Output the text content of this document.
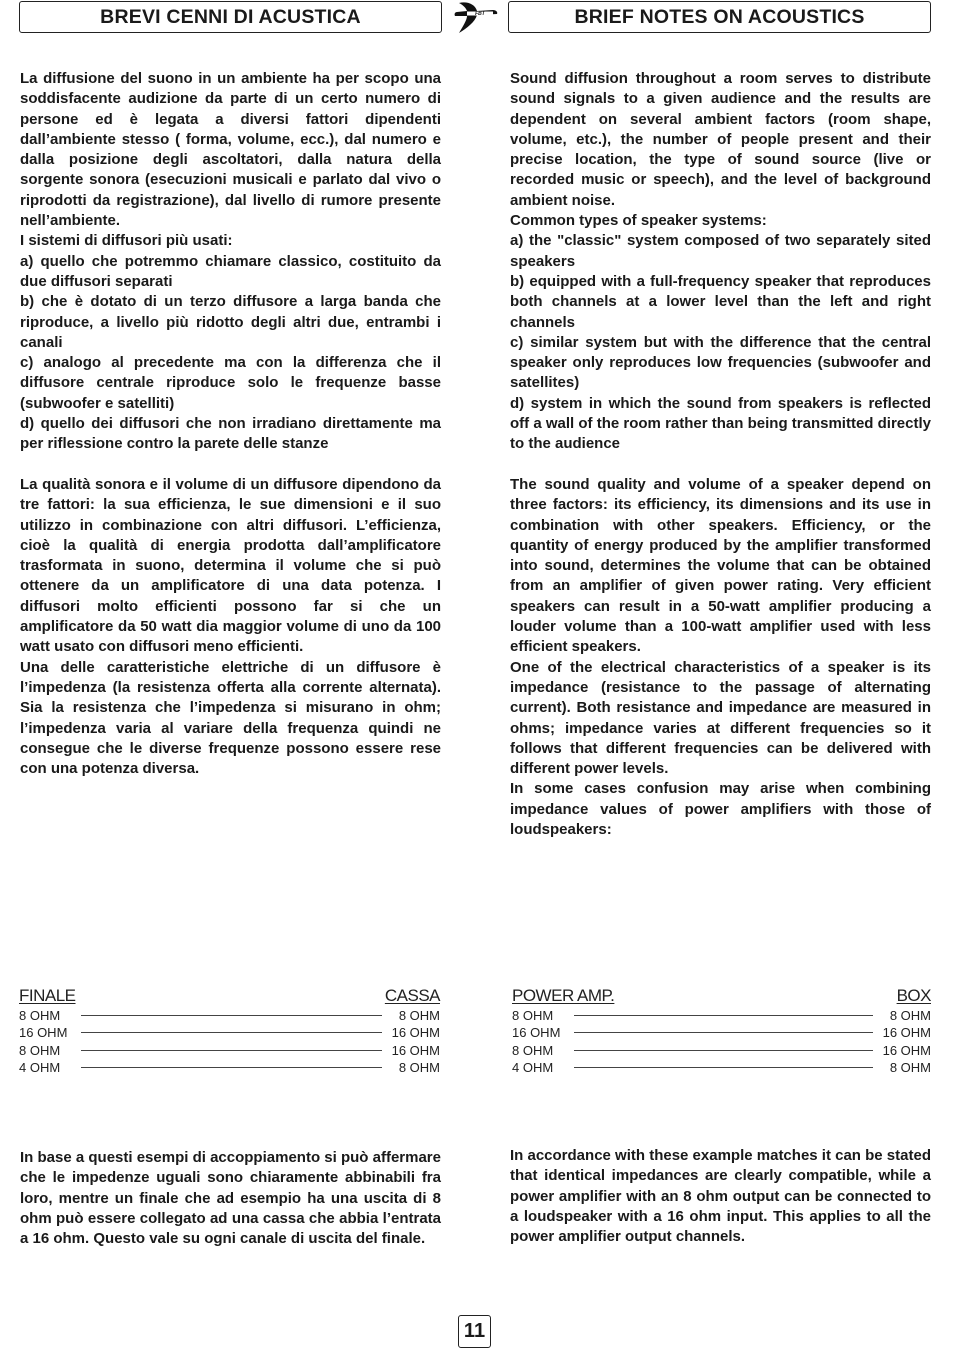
BREVI CENNI DI ACUSTICA	FBT	BRIEF NOTES ON ACOUSTICS

La diffusione del suono in un ambiente ha per scopo una soddisfacente audizione da parte di un certo numero di persone ed è legata a diversi fattori dipendenti dall’ambiente stesso ( forma, volume, ecc.), dal numero e dalla posizione degli ascoltatori, dalla natura della sorgente sonora (esecuzioni musicali e parlato dal vivo o riprodotti da registrazione), dal livello di rumore presente nell’ambiente.

I sistemi di diffusori più usati:

a) quello che potremmo chiamare classico, costituito da due diffusori separati

b) che è dotato di un terzo diffusore a larga banda che riproduce, a livello più ridotto degli altri due, entrambi i canali

c) analogo al precedente ma con la differenza che il diffusore centrale riproduce solo le frequenze basse (subwoofer e satelliti)

d) quello dei diffusori che non irradiano direttamente ma per riflessione contro la parete delle stanze

La qualità sonora e il volume di un diffusore dipendono da tre fattori: la sua efficienza, le sue dimensioni e il suo utilizzo in combinazione con altri diffusori. L’efficienza, cioè la qualità di energia prodotta dall’amplificatore trasformata in suono, determina il volume che si può ottenere da un amplificatore di una data potenza. I diffusori molto efficienti possono far si che un amplificatore da 50 watt dia maggior volume di uno da 100 watt usato con diffusori meno efficienti.

Una delle caratteristiche elettriche di un diffusore è l’impedenza (la resistenza offerta alla corrente alternata). Sia la resistenza che l’impedenza si misurano in ohm; l’impedenza varia al variare della frequenza quindi ne consegue che le diverse frequenze possono essere rese con una potenza diversa.

Sound diffusion throughout a room serves to distribute sound signals to a given audience and the results are dependent on several ambient factors (room shape, volume, etc.), the number of people present and their precise location, the type of sound source (live or recorded music or speech), and the level of background ambient noise.

Common types of speaker systems:

a) the "classic" system composed of two separately sited speakers

b) equipped with a full-frequency speaker that reproduces both channels at a lower level than the left and right channels

c) similar system but with the difference that the central speaker only reproduces low frequencies (subwoofer and satellites)

d) system in which the sound from speakers is reflected off a wall of the room rather than being transmitted directly to the audience

The sound quality and volume of a speaker depend on three factors: its efficiency, its dimensions and its use in combination with other speakers. Efficiency, or the quantity of energy produced by the amplifier transformed into sound, determines the volume that can be obtained from an amplifier of given power rating. Very efficient speakers can result in a 50-watt amplifier producing a louder volume than a 100-watt amplifier used with less efficient speakers.

One of the electrical characteristics of a speaker is its impedance (resistance to the passage of alternating current). Both resistance and impedance are measured in ohms; impedance varies at different frequencies so it follows that different frequencies can be delivered with different power levels.

In some cases confusion may arise when combining impedance values of power amplifiers with those of loudspeakers:

FINALE	CASSA
8 OHM	8 OHM
16 OHM	16 OHM
8 OHM	16 OHM
4 OHM	8 OHM
POWER AMP.	BOX
8 OHM	8 OHM
16 OHM	16 OHM
8 OHM	16 OHM
4 OHM	8 OHM

In base a questi esempi di accoppiamento si può affermare che le impedenze uguali sono chiaramente abbinabili fra loro, mentre un finale che ad esempio ha una uscita di 8 ohm può essere collegato ad una cassa che abbia l’entrata a 16 ohm. Questo vale su ogni canale di uscita del finale.

In accordance with these example matches it can be stated that identical impedances are clearly compatible, while a power amplifier with an 8 ohm output can be connected to a loudspeaker with a 16 ohm input. This applies to all the power amplifier output channels.

11
